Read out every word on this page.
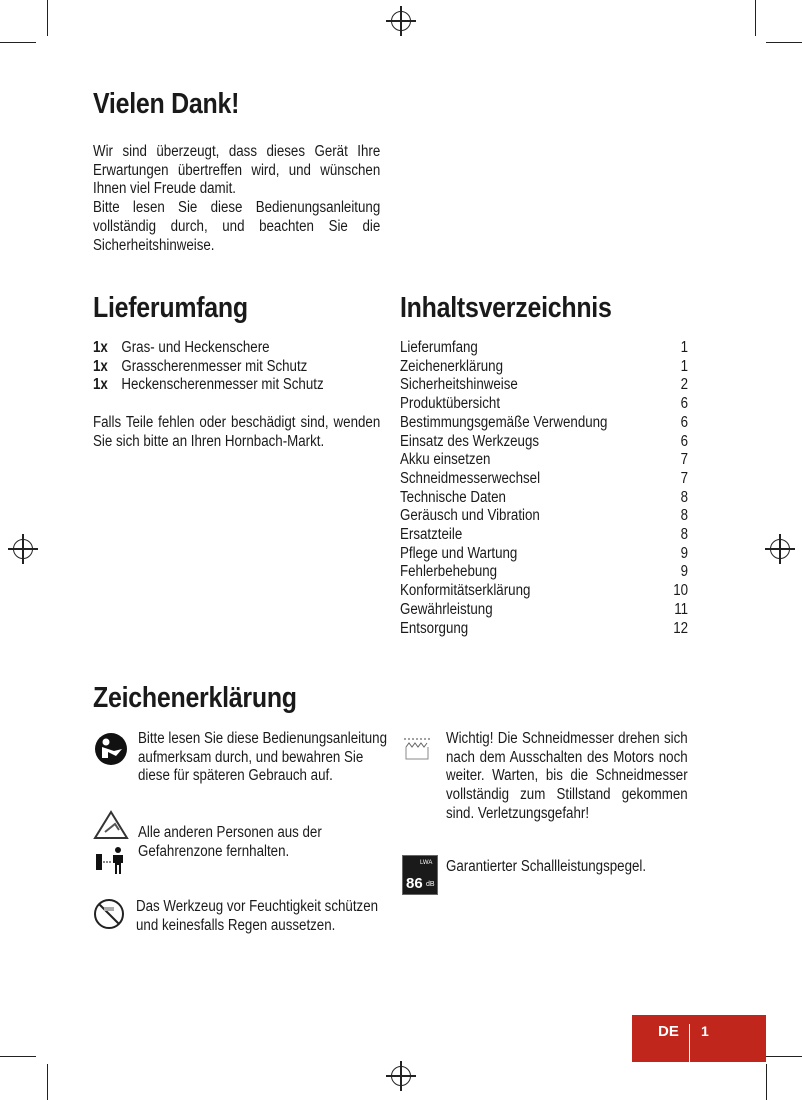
Vielen Dank!

Wir sind überzeugt, dass dieses Gerät Ihre Erwartungen übertreffen wird, und wünschen Ihnen viel Freude damit.

Bitte lesen Sie diese Bedienungsanleitung vollständig durch, und beachten Sie die Sicherheitshinweise.

Lieferumfang
1x Gras- und Heckenschere
1x Grasscherenmesser mit Schutz
1x Heckenscherenmesser mit Schutz
Falls Teile fehlen oder beschädigt sind, wenden Sie sich bitte an Ihren Hornbach-Markt.
Inhaltsverzeichnis
Lieferumfang	1
Zeichenerklärung	1
Sicherheitshinweise	2
Produktübersicht	6
Bestimmungsgemäße Verwendung	6
Einsatz des Werkzeugs	6
Akku einsetzen	7
Schneidmesserwechsel	7
Technische Daten	8
Geräusch und Vibration	8
Ersatzteile	8
Pflege und Wartung	9
Fehlerbehebung	9
Konformitätserklärung	10
Gewährleistung	11
Entsorgung	12
Zeichenerklärung
Bitte lesen Sie diese Bedienungsanleitung aufmerksam durch, und bewahren Sie diese für späteren Gebrauch auf.
Alle anderen Personen aus der Gefahrenzone fernhalten.
Das Werkzeug vor Feuchtigkeit schützen und keinesfalls Regen aussetzen.
Wichtig! Die Schneidmesser drehen sich nach dem Ausschalten des Motors noch weiter. Warten, bis die Schneidmesser vollständig zum Stillstand gekommen sind. Verletzungsgefahr!
LWA
86 dB
Garantierter Schallleistungspegel.
DE 1
